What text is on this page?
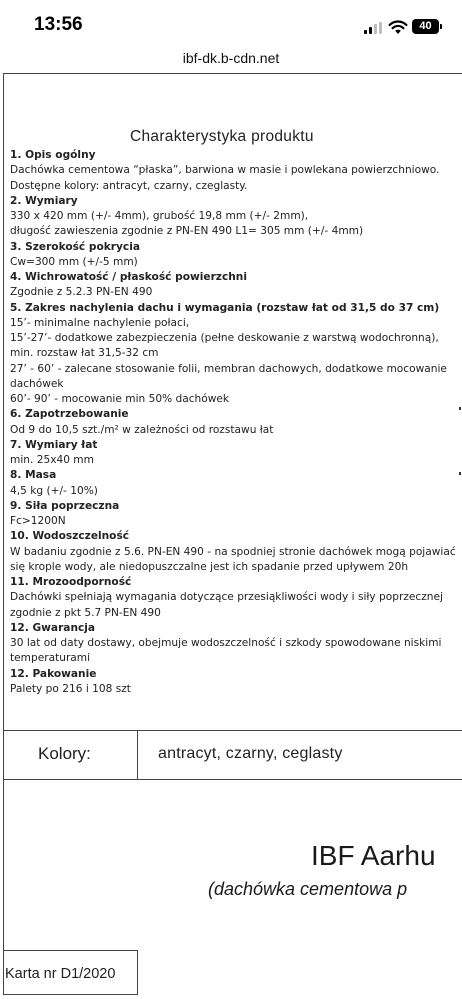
13:56	40
ibf-dk.b-cdn.net
Charakterystyka produktu
1. Opis ogólny
Dachówka cementowa “płaska”, barwiona w masie i powlekana powierzchniowo.
Dostępne kolory: antracyt, czarny, czeglasty.
2. Wymiary
330 x 420 mm (+/- 4mm), grubość 19,8 mm (+/- 2mm),
długość zawieszenia zgodnie z PN-EN 490 L1= 305 mm (+/- 4mm)
3. Szerokość pokrycia
Cw=300 mm (+/-5 mm)
4. Wichrowatość / płaskość powierzchni
Zgodnie z 5.2.3 PN-EN 490
5. Zakres nachylenia dachu i wymagania (rozstaw łat od 31,5 do 37 cm)
15’- minimalne nachylenie połaci,
15’-27’- dodatkowe zabezpieczenia (pełne deskowanie z warstwą wodochronną),
min. rozstaw łat 31,5-32 cm
27’ - 60’ - zalecane stosowanie folii, membran dachowych, dodatkowe mocowanie
dachówek
60’- 90’ - mocowanie min 50% dachówek
6. Zapotrzebowanie
Od 9 do 10,5 szt./m² w zależności od rozstawu łat
7. Wymiary łat
min. 25x40 mm
8. Masa
4,5 kg (+/- 10%)
9. Siła poprzeczna
Fc>1200N
10. Wodoszczelność
W badaniu zgodnie z 5.6. PN-EN 490 - na spodniej stronie dachówek mogą pojawiać
się krople wody, ale niedopuszczalne jest ich spadanie przed upływem 20h
11. Mrozoodporność
Dachówki spełniają wymagania dotyczące przesiąkliwości wody i siły poprzecznej
zgodnie z pkt 5.7 PN-EN 490
12. Gwarancja
30 lat od daty dostawy, obejmuje wodoszczelność i szkody spowodowane niskimi
temperaturami
12. Pakowanie
Palety po 216 i 108 szt
Kolory:	antracyt, czarny, ceglasty
IBF Aarhu
(dachówka cementowa p
Karta nr D1/2020
